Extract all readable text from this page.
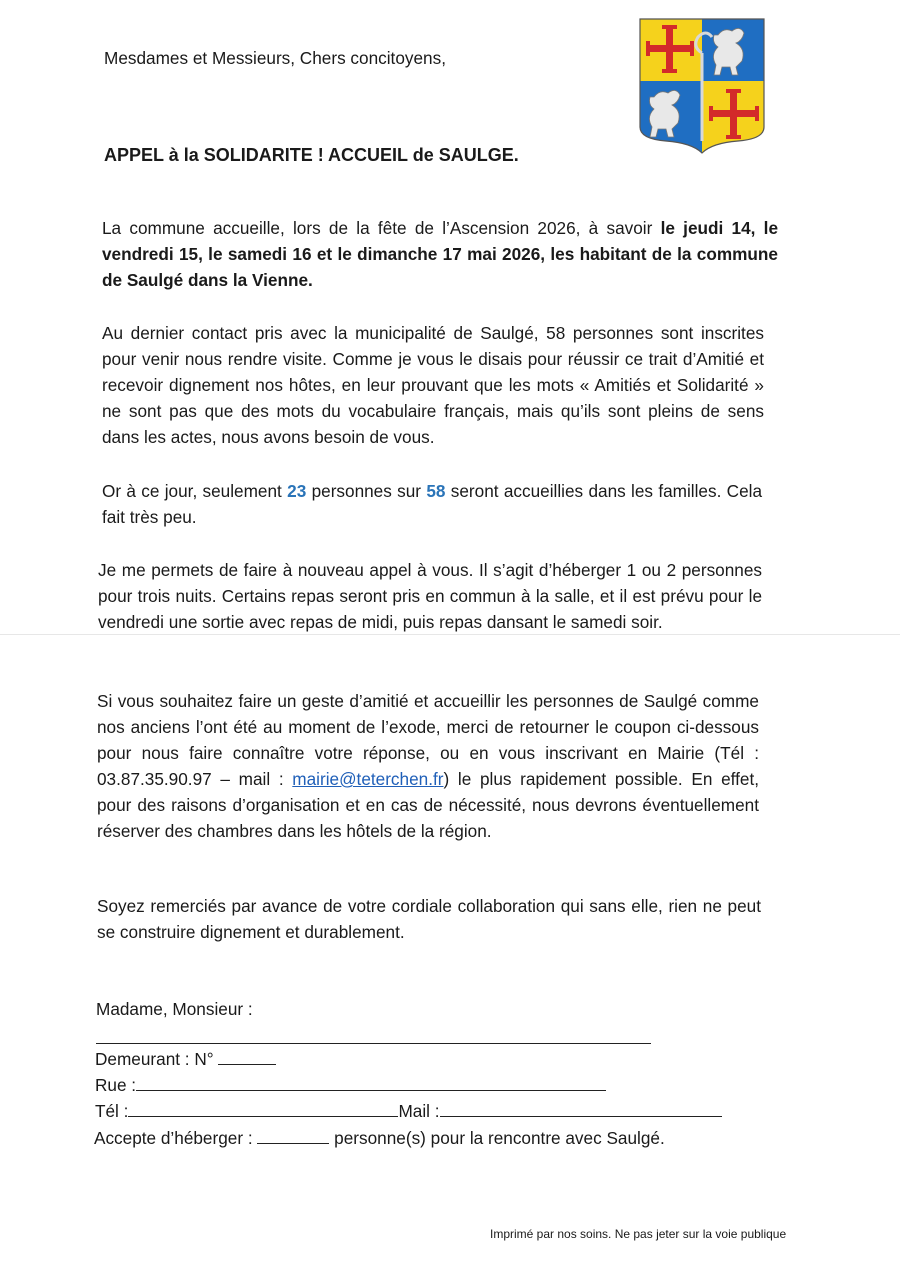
Mesdames et Messieurs, Chers concitoyens,
APPEL à la SOLIDARITE ! ACCUEIL de SAULGE.
La commune accueille, lors de la fête de l’Ascension 2026, à savoir le jeudi 14, le vendredi 15, le samedi 16 et le dimanche 17 mai 2026, les habitant de la commune de Saulgé dans la Vienne.
Au dernier contact pris avec la municipalité de Saulgé, 58 personnes sont inscrites pour venir nous rendre visite. Comme je vous le disais pour réussir ce trait d’Amitié et recevoir dignement nos hôtes, en leur prouvant que les mots « Amitiés et Solidarité » ne sont pas que des mots du vocabulaire français, mais qu’ils sont pleins de sens dans les actes, nous avons besoin de vous.
Or à ce jour, seulement 23 personnes sur 58 seront accueillies dans les familles. Cela fait très peu.
Je me permets de faire à nouveau appel à vous. Il s’agit d’héberger 1 ou 2 personnes pour trois nuits. Certains repas seront pris en commun à la salle, et il est prévu pour le vendredi une sortie avec repas de midi, puis repas dansant le samedi soir.
Si vous souhaitez faire un geste d’amitié et accueillir les personnes de Saulgé comme nos anciens l’ont été au moment de l’exode, merci de retourner le coupon ci-dessous pour nous faire connaître votre réponse, ou en vous inscrivant en Mairie (Tél : 03.87.35.90.97 – mail : mairie@teterchen.fr) le plus rapidement possible. En effet, pour des raisons d’organisation et en cas de nécessité, nous devrons éventuellement réserver des chambres dans les hôtels de la région.
Soyez remerciés par avance de votre cordiale collaboration qui sans elle, rien ne peut se construire dignement et durablement.
Madame, Monsieur :
Demeurant : N°
Rue :
Tél :	Mail :
Accepte d’héberger :	personne(s) pour la rencontre avec Saulgé.
Imprimé par nos soins. Ne pas jeter sur la voie publique
